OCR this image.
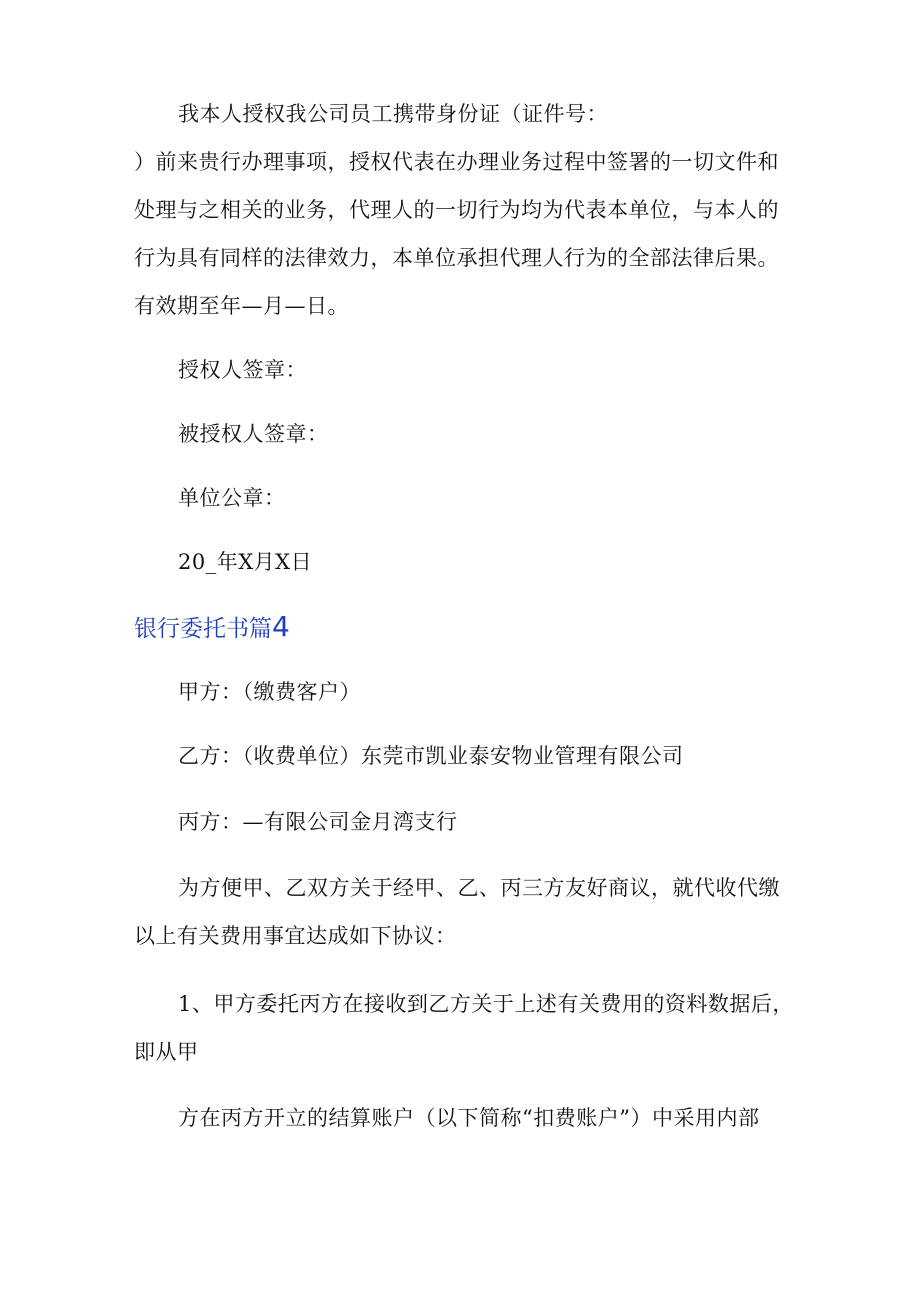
我本人授权我公司员工携带身份证（证件号：
）前来贵行办理事项，授权代表在办理业务过程中签署的一切文件和
处理与之相关的业务，代理人的一切行为均为代表本单位，与本人的
行为具有同样的法律效力，本单位承担代理人行为的全部法律后果。
有效期至年—月—日。
授权人签章：
被授权人签章：
单位公章：
20_年X月X日
银行委托书篇4
甲方：（缴费客户）
乙方：（收费单位）东莞市凯业泰安物业管理有限公司
丙方：—有限公司金月湾支行
为方便甲、乙双方关于经甲、乙、丙三方友好商议，就代收代缴
以上有关费用事宜达成如下协议：
1、甲方委托丙方在接收到乙方关于上述有关费用的资料数据后，
即从甲
方在丙方开立的结算账户（以下简称“扣费账户”）中采用内部
